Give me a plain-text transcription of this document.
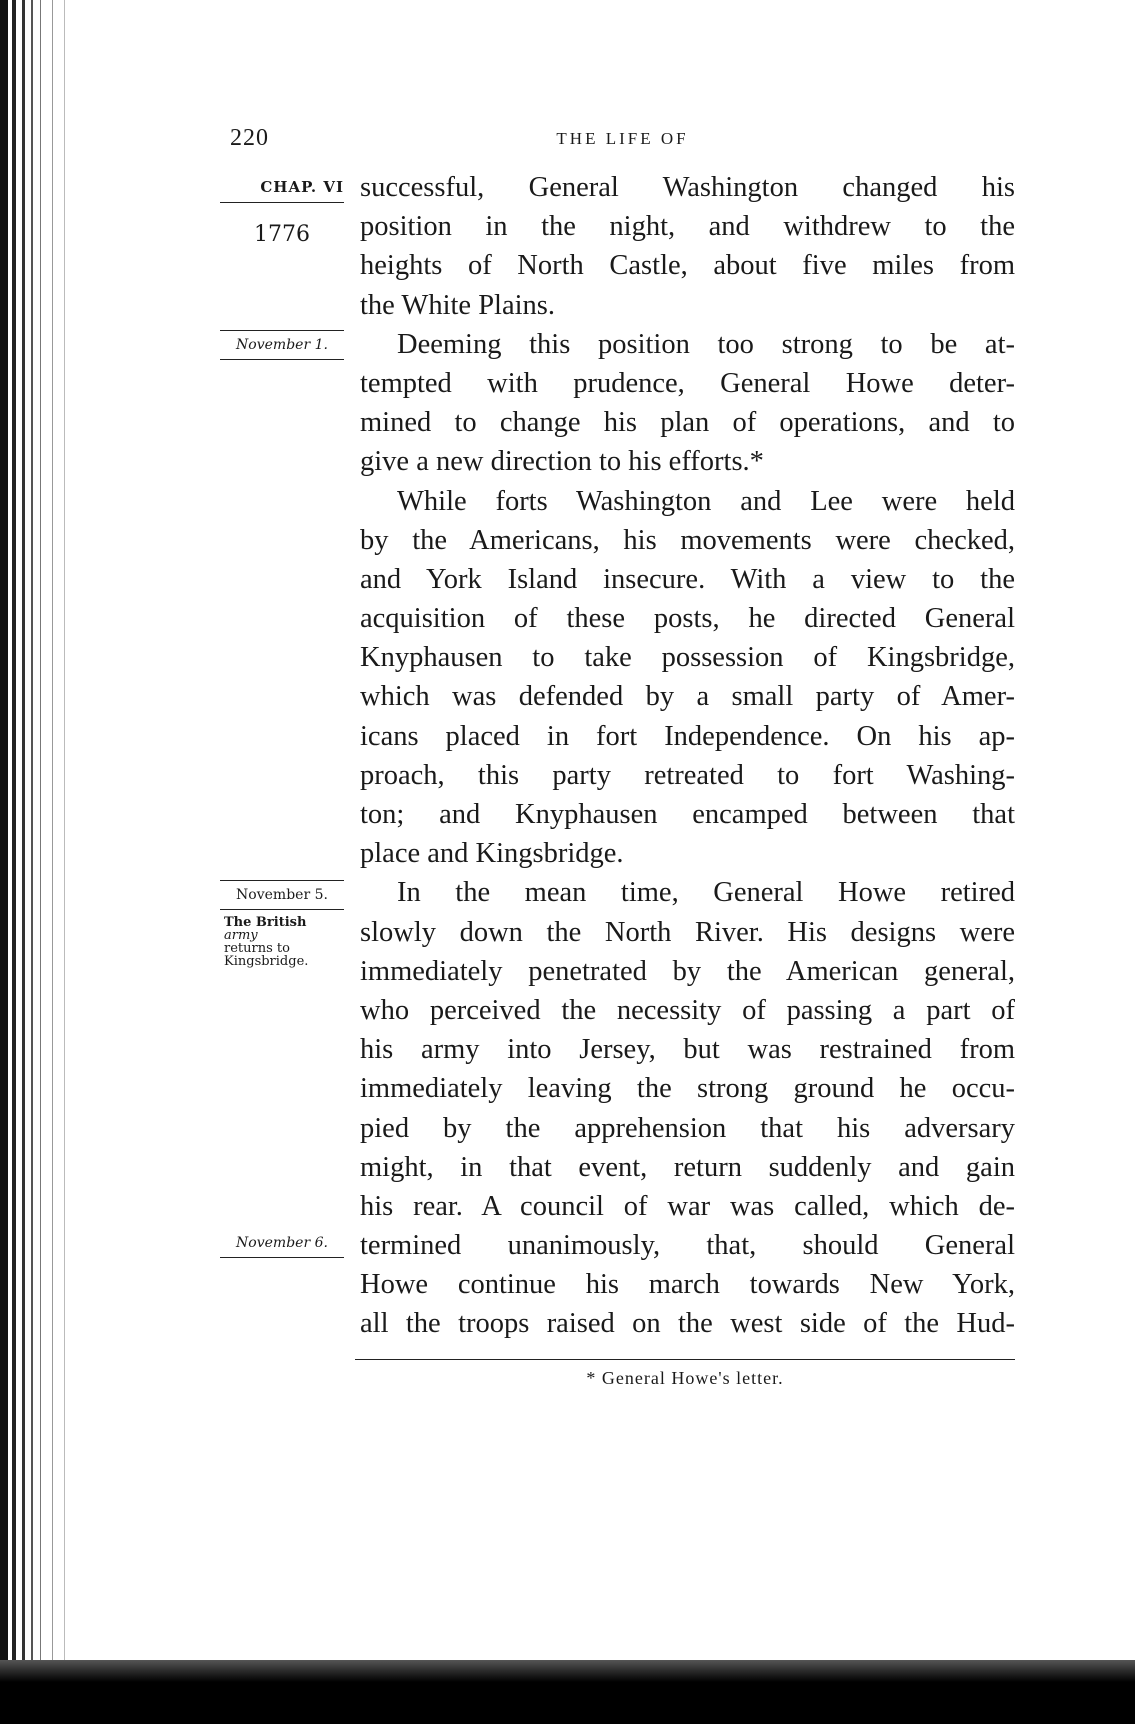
220	THE LIFE OF
CHAP. VI
1776
November 1.
November 5.
The British
army
returns to
Kingsbridge.
November 6.
successful, General Washington changed his
position in the night, and withdrew to the
heights of North Castle, about five miles from
the White Plains.
Deeming this position too strong to be at-
tempted with prudence, General Howe deter-
mined to change his plan of operations, and to
give a new direction to his efforts.*
While forts Washington and Lee were held
by the Americans, his movements were checked,
and York Island insecure. With a view to the
acquisition of these posts, he directed General
Knyphausen to take possession of Kingsbridge,
which was defended by a small party of Amer-
icans placed in fort Independence. On his ap-
proach, this party retreated to fort Washing-
ton; and Knyphausen encamped between that
place and Kingsbridge.
In the mean time, General Howe retired
slowly down the North River. His designs were
immediately penetrated by the American general,
who perceived the necessity of passing a part of
his army into Jersey, but was restrained from
immediately leaving the strong ground he occu-
pied by the apprehension that his adversary
might, in that event, return suddenly and gain
his rear. A council of war was called, which de-
termined unanimously, that, should General
Howe continue his march towards New York,
all the troops raised on the west side of the Hud-
* General Howe's letter.
